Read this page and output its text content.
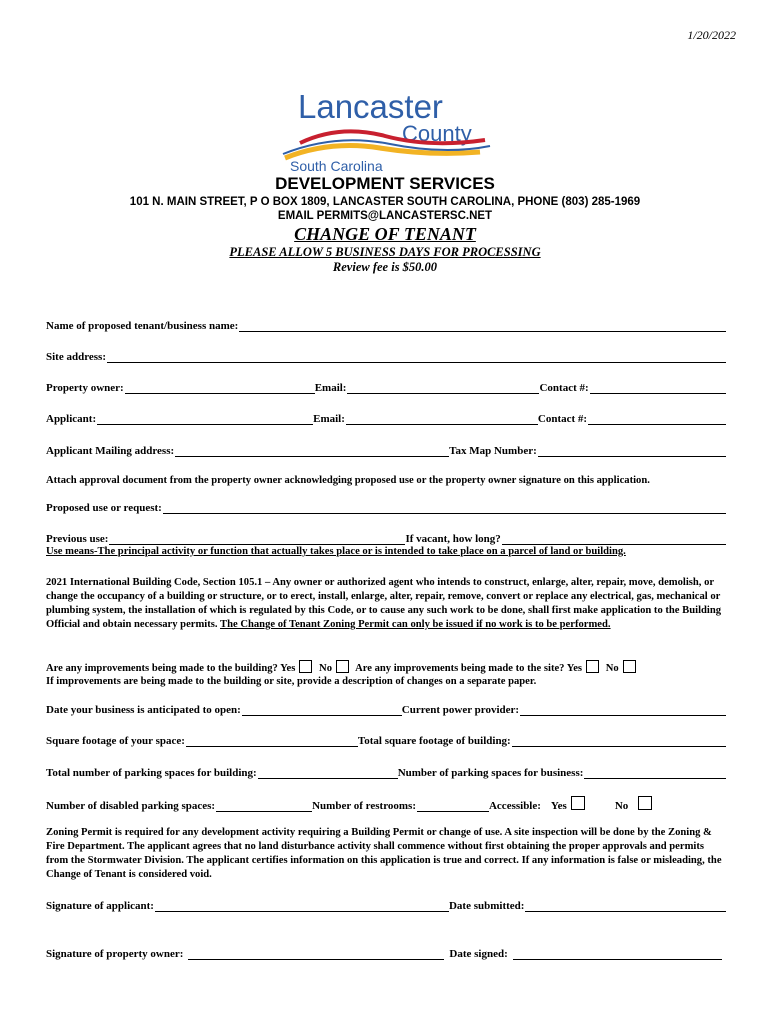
1/20/2022
Lancaster
County
South Carolina
DEVELOPMENT SERVICES
101 N. MAIN STREET, P O BOX 1809, LANCASTER SOUTH CAROLINA, PHONE (803) 285-1969
EMAIL PERMITS@LANCASTERSC.NET
CHANGE OF TENANT
PLEASE ALLOW 5 BUSINESS DAYS FOR PROCESSING
Review fee is $50.00
Name of proposed tenant/business name:
Site address:
Property owner:	Email:	Contact #:
Applicant:	Email:	Contact #:
Applicant Mailing address:	Tax Map Number:
Attach approval document from the property owner acknowledging proposed use or the property owner signature on this application.
Proposed use or request:
Previous use:	If vacant, how long?
Use means-The principal activity or function that actually takes place or is intended to take place on a parcel of land or building.
2021 International Building Code, Section 105.1 – Any owner or authorized agent who intends to construct, enlarge, alter, repair, move, demolish, or change the occupancy of a building or structure, or to erect, install, enlarge, alter, repair, remove, convert or replace any electrical, gas, mechanical or plumbing system, the installation of which is regulated by this Code, or to cause any such work to be done, shall first make application to the Building Official and obtain necessary permits. The Change of Tenant Zoning Permit can only be issued if no work is to be performed.
Are any improvements being made to the building? Yes No Are any improvements being made to the site? Yes No
If improvements are being made to the building or site, provide a description of changes on a separate paper.
Date your business is anticipated to open:	Current power provider:
Square footage of your space:	Total square footage of building:
Total number of parking spaces for building:	Number of parking spaces for business:
Number of disabled parking spaces:	Number of restrooms:	Accessible: Yes	No
Zoning Permit is required for any development activity requiring a Building Permit or change of use. A site inspection will be done by the Zoning & Fire Department. The applicant agrees that no land disturbance activity shall commence without first obtaining the proper approvals and permits from the Stormwater Division. The applicant certifies information on this application is true and correct. If any information is false or misleading, the Change of Tenant is considered void.
Signature of applicant:	Date submitted:
Signature of property owner:	Date signed:
